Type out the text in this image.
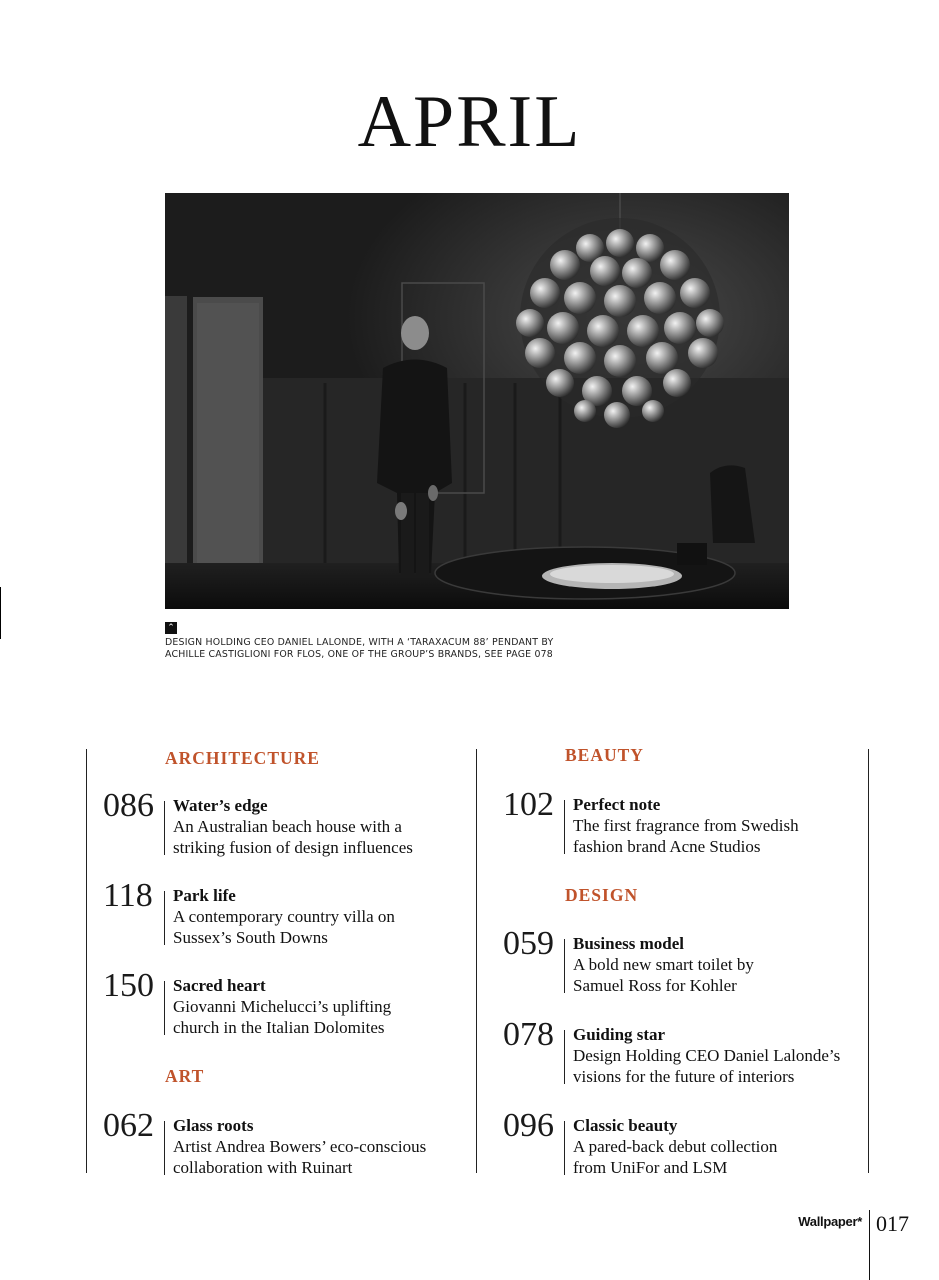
APRIL
⌃
DESIGN HOLDING CEO DANIEL LALONDE, WITH A ‘TARAXACUM 88’ PENDANT BY
ACHILLE CASTIGLIONI FOR FLOS, ONE OF THE GROUP’S BRANDS, SEE PAGE 078
ARCHITECTURE
086 Water’s edge
An Australian beach house with a
striking fusion of design influences
118 Park life
A contemporary country villa on
Sussex’s South Downs
150 Sacred heart
Giovanni Michelucci’s uplifting
church in the Italian Dolomites
ART
062 Glass roots
Artist Andrea Bowers’ eco-conscious
collaboration with Ruinart
BEAUTY
102 Perfect note
The first fragrance from Swedish
fashion brand Acne Studios
DESIGN
059 Business model
A bold new smart toilet by
Samuel Ross for Kohler
078 Guiding star
Design Holding CEO Daniel Lalonde’s
visions for the future of interiors
096 Classic beauty
A pared-back debut collection
from UniFor and LSM
Wallpaper* 017
